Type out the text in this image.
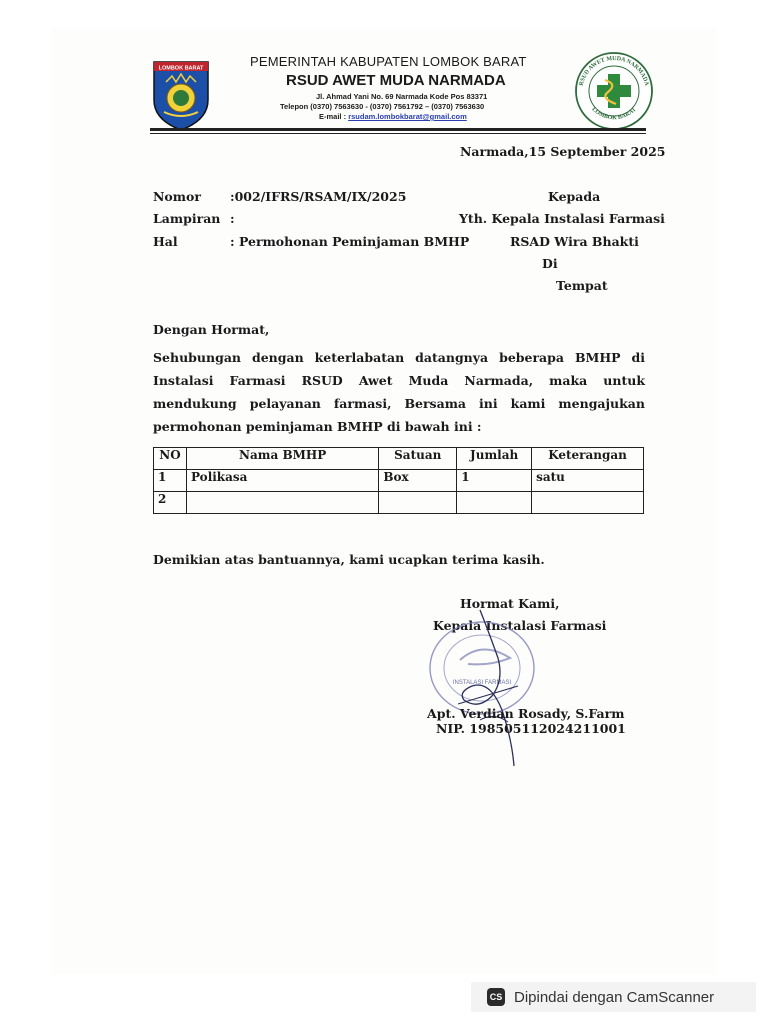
LOMBOK BARAT
RSUD AWET MUDA NARMADA
LOMBOK BARAT
PEMERINTAH KABUPATEN LOMBOK BARAT
RSUD AWET MUDA NARMADA
Jl. Ahmad Yani No. 69 Narmada Kode Pos 83371
Telepon (0370) 7563630 - (0370) 7561792 – (0370) 7563630
E-mail : rsudam.lombokbarat@gmail.com
Narmada,15 September 2025
Nomor :002/IFRS/RSAM/IX/2025
Lampiran :
Hal	: Permohonan Peminjaman BMHP
Kepada
Yth. Kepala Instalasi Farmasi
RSAD Wira Bhakti
Di
Tempat
Dengan Hormat,
Sehubungan dengan keterlabatan datangnya beberapa BMHP di Instalasi Farmasi RSUD Awet Muda Narmada, maka untuk mendukung pelayanan farmasi, Bersama ini kami mengajukan permohonan peminjaman BMHP di bawah ini :
NO	Nama BMHP	Satuan	Jumlah	Keterangan
1	Polikasa	Box	1	satu
2				
Demikian atas bantuannya, kami ucapkan terima kasih.
Hormat Kami,
Kepala Instalasi Farmasi
INSTALASI FARMASI
Apt. Verdian Rosady, S.Farm
NIP. 198505112024211001
CS Dipindai dengan CamScanner
